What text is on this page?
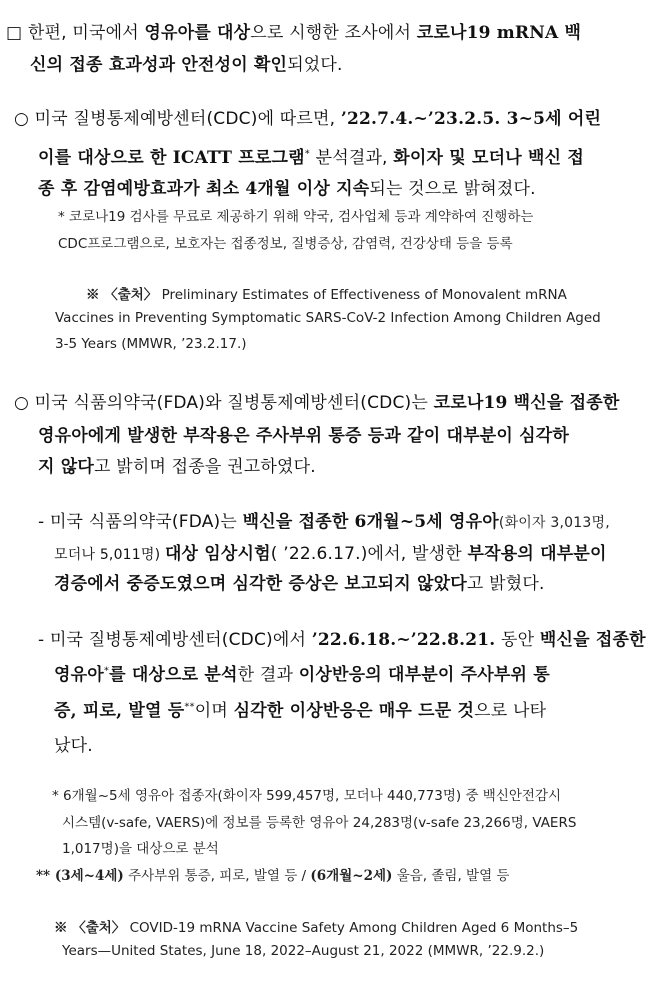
□ 한편, 미국에서 영유아를 대상으로 시행한 조사에서 코로나19 mRNA 백
신의 접종 효과성과 안전성이 확인되었다.
○ 미국 질병통제예방센터(CDC)에 따르면, ’22.7.4.~’23.2.5. 3~5세 어린
이를 대상으로 한 ICATT 프로그램* 분석결과, 화이자 및 모더나 백신 접
종 후 감염예방효과가 최소 4개월 이상 지속되는 것으로 밝혀졌다.
* 코로나19 검사를 무료로 제공하기 위해 약국, 검사업체 등과 계약하여 진행하는
CDC프로그램으로, 보호자는 접종정보, 질병증상, 감염력, 건강상태 등을 등록
※ 〈출처〉 Preliminary Estimates of Effectiveness of Monovalent mRNA
Vaccines in Preventing Symptomatic SARS-CoV-2 Infection Among Children Aged
3-5 Years (MMWR, ’23.2.17.)
○ 미국 식품의약국(FDA)와 질병통제예방센터(CDC)는 코로나19 백신을 접종한
영유아에게 발생한 부작용은 주사부위 통증 등과 같이 대부분이 심각하
지 않다고 밝히며 접종을 권고하였다.
- 미국 식품의약국(FDA)는 백신을 접종한 6개월~5세 영유아(화이자 3,013명,
모더나 5,011명) 대상 임상시험( ’22.6.17.)에서, 발생한 부작용의 대부분이
경증에서 중증도였으며 심각한 증상은 보고되지 않았다고 밝혔다.
- 미국 질병통제예방센터(CDC)에서 ’22.6.18.~’22.8.21. 동안 백신을 접종한
영유아*를 대상으로 분석한 결과 이상반응의 대부분이 주사부위 통
증, 피로, 발열 등**이며 심각한 이상반응은 매우 드문 것으로 나타
났다.
* 6개월~5세 영유아 접종자(화이자 599,457명, 모더나 440,773명) 중 백신안전감시
시스템(v-safe, VAERS)에 정보를 등록한 영유아 24,283명(v-safe 23,266명, VAERS
1,017명)을 대상으로 분석
** (3세~4세) 주사부위 통증, 피로, 발열 등 / (6개월~2세) 울음, 졸림, 발열 등
※ 〈출처〉 COVID-19 mRNA Vaccine Safety Among Children Aged 6 Months–5
Years—United States, June 18, 2022–August 21, 2022 (MMWR, ’22.9.2.)
